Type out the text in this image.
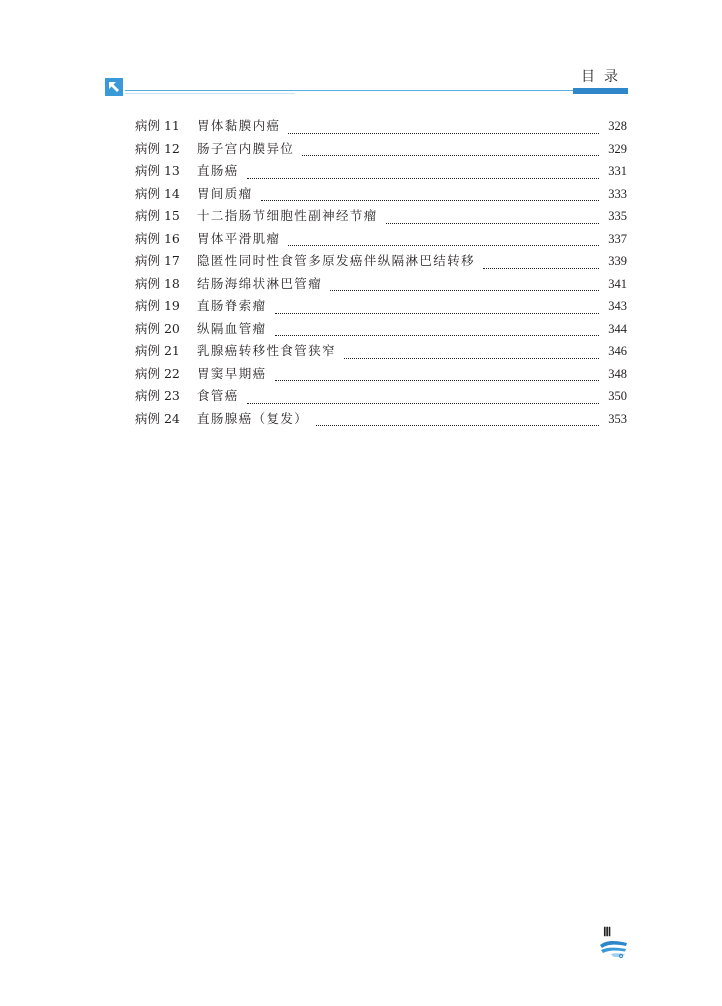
目录
病例 11	胃体黏膜内癌	328
病例 12	肠子宫内膜异位	329
病例 13	直肠癌	331
病例 14	胃间质瘤	333
病例 15	十二指肠节细胞性副神经节瘤	335
病例 16	胃体平滑肌瘤	337
病例 17	隐匿性同时性食管多原发癌伴纵隔淋巴结转移	339
病例 18	结肠海绵状淋巴管瘤	341
病例 19	直肠脊索瘤	343
病例 20	纵隔血管瘤	344
病例 21	乳腺癌转移性食管狭窄	346
病例 22	胃窦早期癌	348
病例 23	食管癌	350
病例 24	直肠腺癌（复发）	353
Ⅲ
